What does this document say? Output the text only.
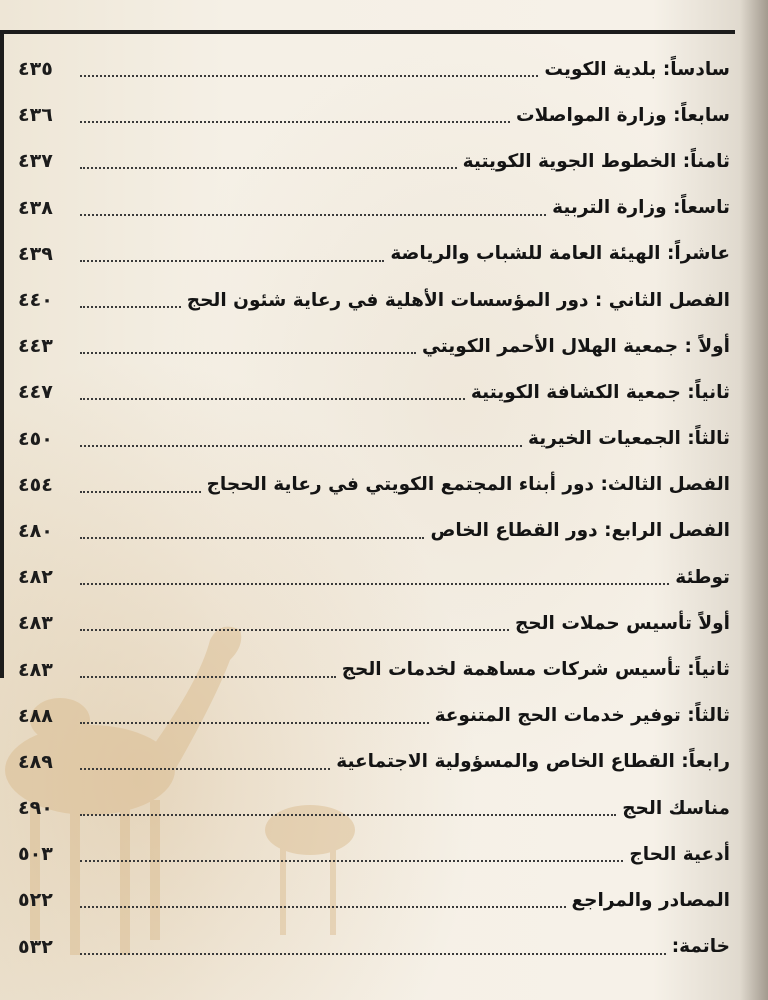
٤٣٥	سادساً: بلدية الكويت
٤٣٦	سابعاً: وزارة المواصلات
٤٣٧	ثامناً: الخطوط الجوية الكويتية
٤٣٨	تاسعاً: وزارة التربية
٤٣٩	عاشراً: الهيئة العامة للشباب والرياضة
٤٤٠	الفصل الثاني : دور المؤسسات الأهلية في رعاية شئون الحج
٤٤٣	أولاً : جمعية الهلال الأحمر الكويتي
٤٤٧	ثانياً: جمعية الكشافة الكويتية
٤٥٠	ثالثاً: الجمعيات الخيرية
٤٥٤	الفصل الثالث: دور أبناء المجتمع الكويتي في رعاية الحجاج
٤٨٠	الفصل الرابع: دور القطاع الخاص
٤٨٢	توطئة
٤٨٣	أولاً تأسيس حملات الحج
٤٨٣	ثانياً: تأسيس شركات مساهمة لخدمات الحج
٤٨٨	ثالثاً: توفير خدمات الحج المتنوعة
٤٨٩	رابعاً: القطاع الخاص والمسؤولية الاجتماعية
٤٩٠	مناسك الحج
٥٠٣	أدعية الحاج
٥٢٢	المصادر والمراجع
٥٣٢	خاتمة:
